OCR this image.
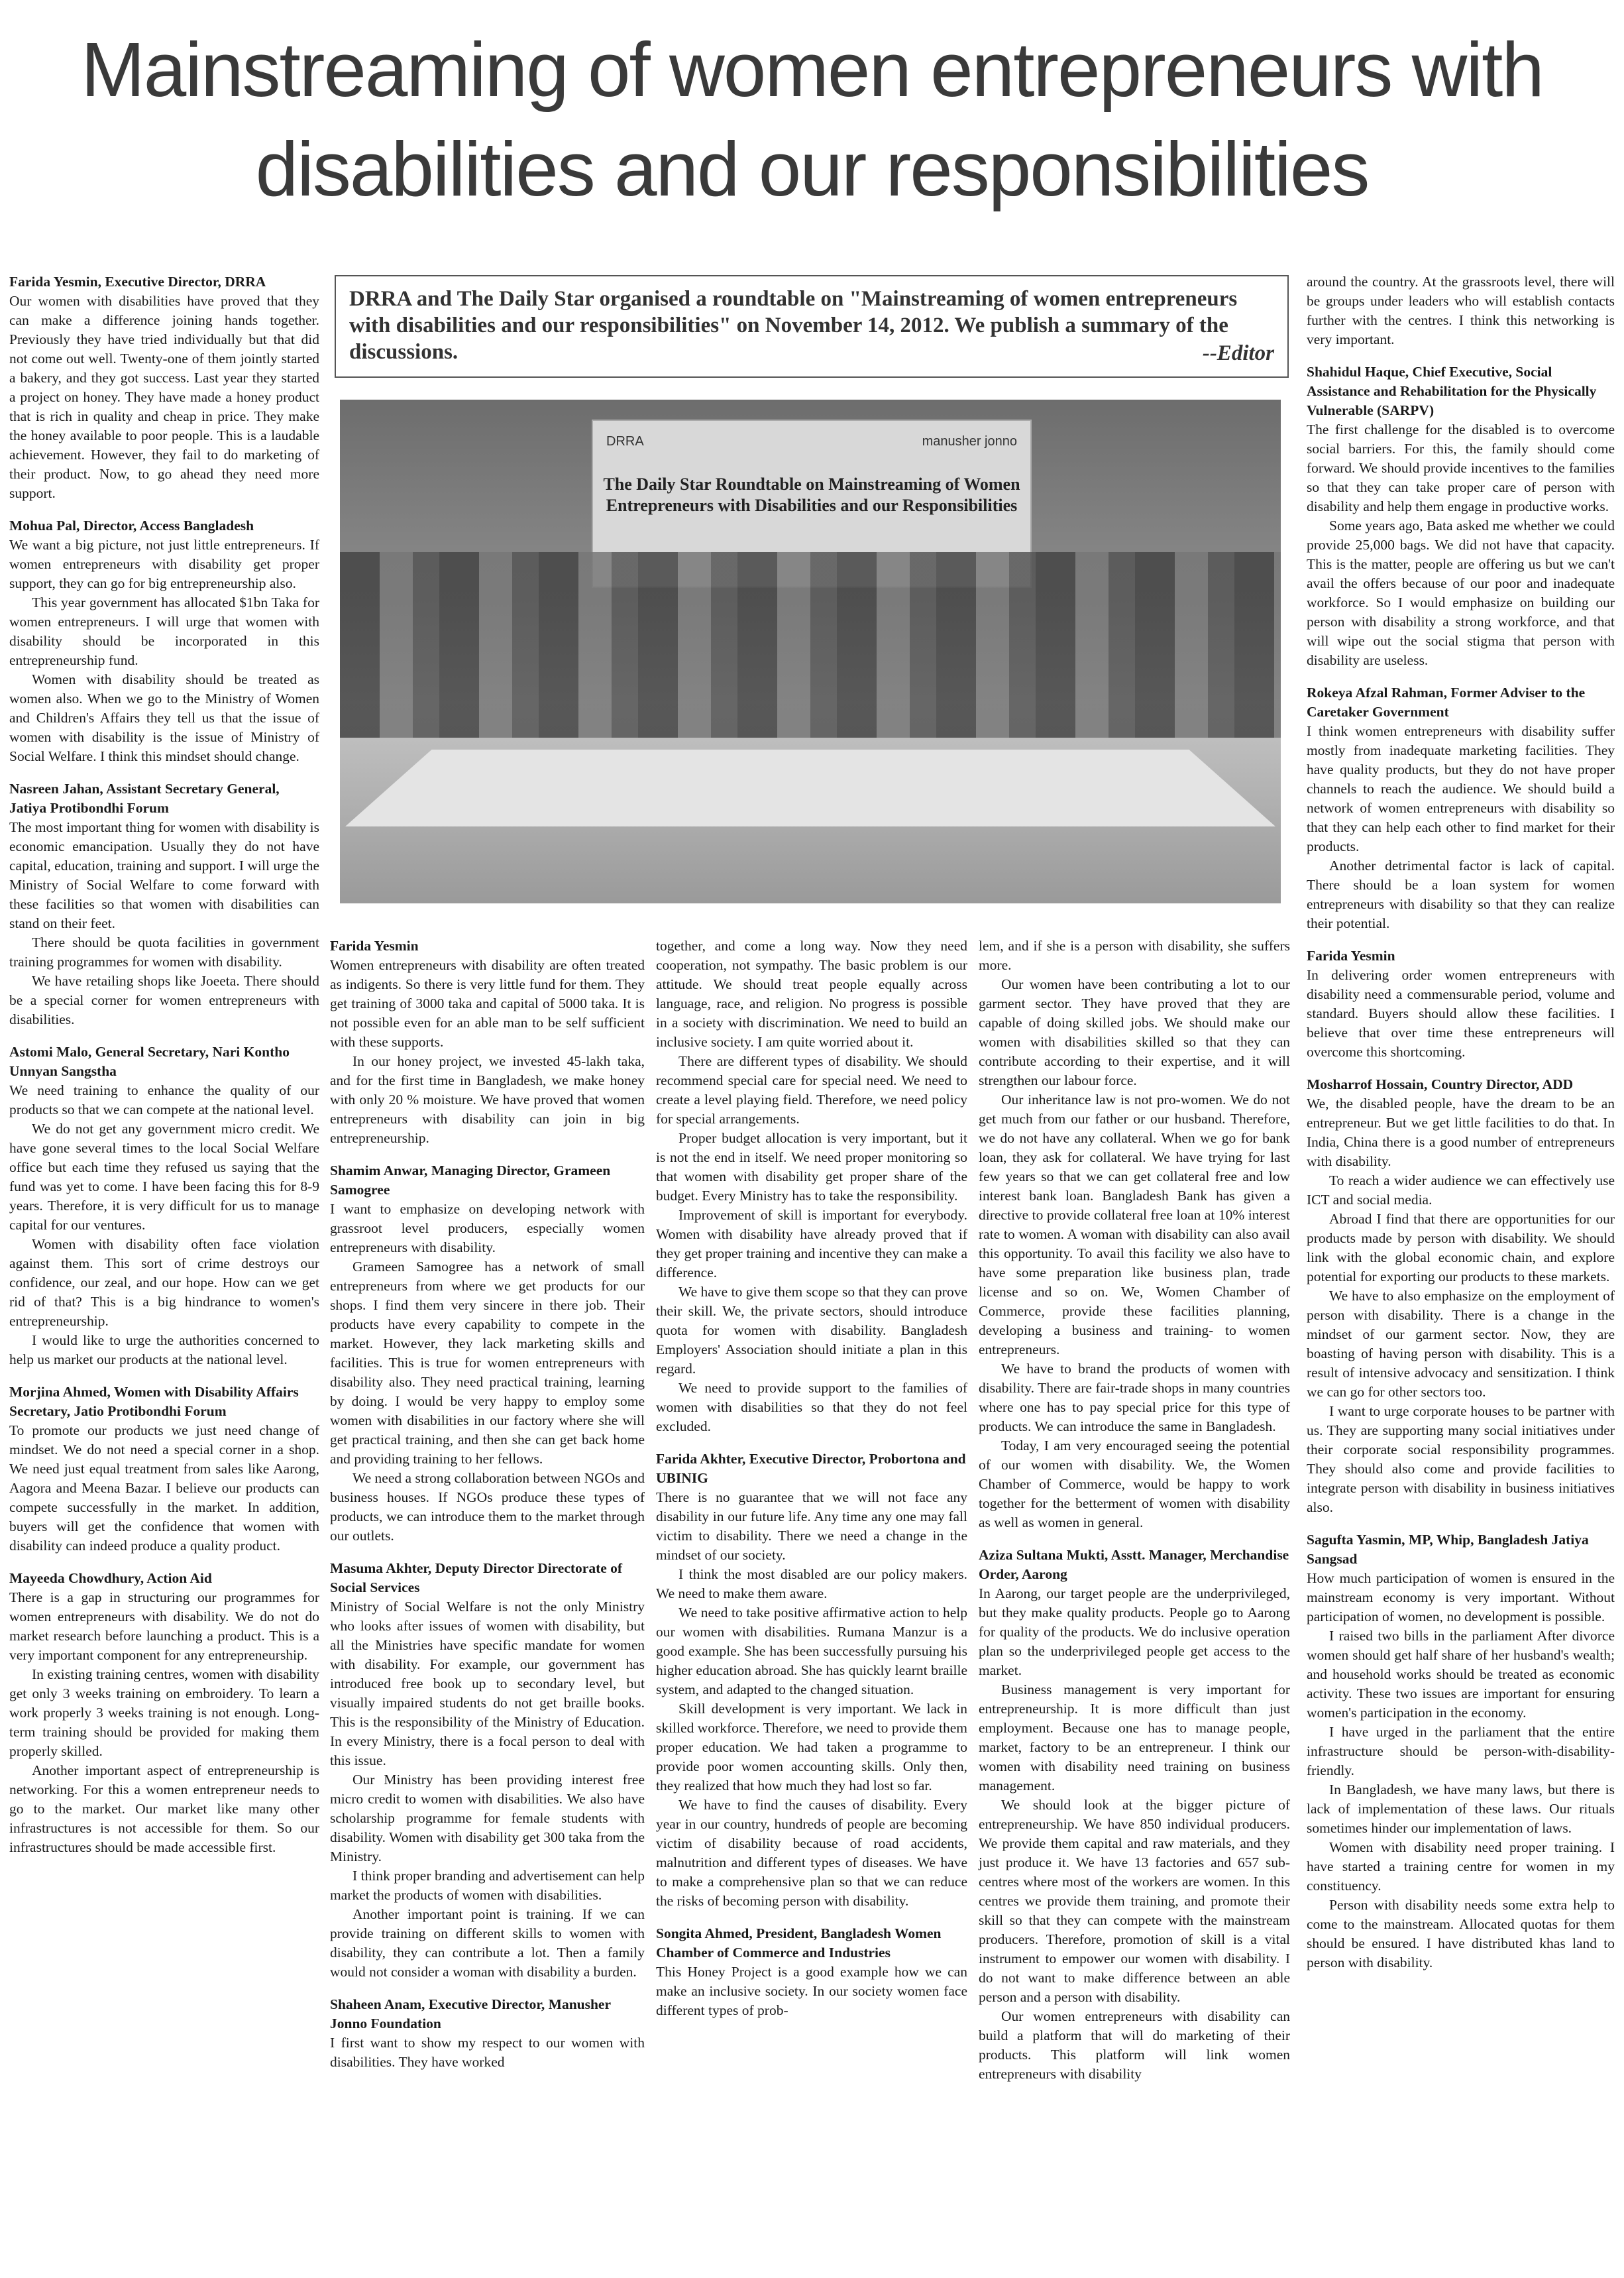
Mainstreaming of women entrepreneurs with
disabilities and our responsibilities
DRRA and The Daily Star organised a roundtable on "Mainstreaming of women entrepreneurs with disabilities and our responsibilities" on November 14, 2012. We publish a summary of the discussions.	--Editor
DRRA	manusher jonno
The Daily Star Roundtable on Mainstreaming of Women Entrepreneurs with Disabilities and our Responsibilities
Farida Yesmin, Executive Director, DRRA

Our women with disabilities have proved that they can make a difference joining hands together. Previously they have tried individually but that did not come out well. Twenty-one of them jointly started a bakery, and they got success. Last year they started a project on honey. They have made a honey product that is rich in quality and cheap in price. They make the honey available to poor people. This is a laudable achievement. However, they fail to do marketing of their product. Now, to go ahead they need more support.

Mohua Pal, Director, Access Bangladesh

We want a big picture, not just little entrepreneurs. If women entrepreneurs with disability get proper support, they can go for big entrepreneurship also.

This year government has allocated $1bn Taka for women entrepreneurs. I will urge that women with disability should be incorporated in this entrepreneurship fund.

Women with disability should be treated as women also. When we go to the Ministry of Women and Children's Affairs they tell us that the issue of women with disability is the issue of Ministry of Social Welfare. I think this mindset should change.

Nasreen Jahan, Assistant Secretary General, Jatiya Protibondhi Forum

The most important thing for women with disability is economic emancipation. Usually they do not have capital, education, training and support. I will urge the Ministry of Social Welfare to come forward with these facilities so that women with disabilities can stand on their feet.

There should be quota facilities in government training programmes for women with disability.

We have retailing shops like Joeeta. There should be a special corner for women entrepreneurs with disabilities.

Astomi Malo, General Secretary, Nari Kontho Unnyan Sangstha

We need training to enhance the quality of our products so that we can compete at the national level.

We do not get any government micro credit. We have gone several times to the local Social Welfare office but each time they refused us saying that the fund was yet to come. I have been facing this for 8-9 years. Therefore, it is very difficult for us to manage capital for our ventures.

Women with disability often face violation against them. This sort of crime destroys our confidence, our zeal, and our hope. How can we get rid of that? This is a big hindrance to women's entrepreneurship.

I would like to urge the authorities concerned to help us market our products at the national level.

Morjina Ahmed, Women with Disability Affairs Secretary, Jatio Protibondhi Forum

To promote our products we just need change of mindset. We do not need a special corner in a shop. We need just equal treatment from sales like Aarong, Aagora and Meena Bazar. I believe our products can compete successfully in the market. In addition, buyers will get the confidence that women with disability can indeed produce a quality product.

Mayeeda Chowdhury, Action Aid

There is a gap in structuring our programmes for women entrepreneurs with disability. We do not do market research before launching a product. This is a very important component for any entrepreneurship.

In existing training centres, women with disability get only 3 weeks training on embroidery. To learn a work properly 3 weeks training is not enough. Long-term training should be provided for making them properly skilled.

Another important aspect of entrepreneurship is networking. For this a women entrepreneur needs to go to the market. Our market like many other infrastructures is not accessible for them. So our infrastructures should be made accessible first.

Farida Yesmin

Women entrepreneurs with disability are often treated as indigents. So there is very little fund for them. They get training of 3000 taka and capital of 5000 taka. It is not possible even for an able man to be self sufficient with these supports.

In our honey project, we invested 45-lakh taka, and for the first time in Bangladesh, we make honey with only 20 % moisture. We have proved that women entrepreneurs with disability can join in big entrepreneurship.

Shamim Anwar, Managing Director, Grameen Samogree

I want to emphasize on developing network with grassroot level producers, especially women entrepreneurs with disability.

Grameen Samogree has a network of small entrepreneurs from where we get products for our shops. I find them very sincere in there job. Their products have every capability to compete in the market. However, they lack marketing skills and facilities. This is true for women entrepreneurs with disability also. They need practical training, learning by doing. I would be very happy to employ some women with disabilities in our factory where she will get practical training, and then she can get back home and providing training to her fellows.

We need a strong collaboration between NGOs and business houses. If NGOs produce these types of products, we can introduce them to the market through our outlets.

Masuma Akhter, Deputy Director Directorate of Social Services

Ministry of Social Welfare is not the only Ministry who looks after issues of women with disability, but all the Ministries have specific mandate for women with disability. For example, our government has introduced free book up to secondary level, but visually impaired students do not get braille books. This is the responsibility of the Ministry of Education. In every Ministry, there is a focal person to deal with this issue.

Our Ministry has been providing interest free micro credit to women with disabilities. We also have scholarship programme for female students with disability. Women with disability get 300 taka from the Ministry.

I think proper branding and advertisement can help market the products of women with disabilities.

Another important point is training. If we can provide training on different skills to women with disability, they can contribute a lot. Then a family would not consider a woman with disability a burden.

Shaheen Anam, Executive Director, Manusher Jonno Foundation

I first want to show my respect to our women with disabilities. They have worked

together, and come a long way. Now they need cooperation, not sympathy. The basic problem is our attitude. We should treat people equally across language, race, and religion. No progress is possible in a society with discrimination. We need to build an inclusive society. I am quite worried about it.

There are different types of disability. We should recommend special care for special need. We need to create a level playing field. Therefore, we need policy for special arrangements.

Proper budget allocation is very important, but it is not the end in itself. We need proper monitoring so that women with disability get proper share of the budget. Every Ministry has to take the responsibility.

Improvement of skill is important for everybody. Women with disability have already proved that if they get proper training and incentive they can make a difference.

We have to give them scope so that they can prove their skill. We, the private sectors, should introduce quota for women with disability. Bangladesh Employers' Association should initiate a plan in this regard.

We need to provide support to the families of women with disabilities so that they do not feel excluded.

Farida Akhter, Executive Director, Probortona and UBINIG

There is no guarantee that we will not face any disability in our future life. Any time any one may fall victim to disability. There we need a change in the mindset of our society.

I think the most disabled are our policy makers. We need to make them aware.

We need to take positive affirmative action to help our women with disabilities. Rumana Manzur is a good example. She has been successfully pursuing his higher education abroad. She has quickly learnt braille system, and adapted to the changed situation.

Skill development is very important. We lack in skilled workforce. Therefore, we need to provide them proper education. We had taken a programme to provide poor women accounting skills. Only then, they realized that how much they had lost so far.

We have to find the causes of disability. Every year in our country, hundreds of people are becoming victim of disability because of road accidents, malnutrition and different types of diseases. We have to make a comprehensive plan so that we can reduce the risks of becoming person with disability.

Songita Ahmed, President, Bangladesh Women Chamber of Commerce and Industries

This Honey Project is a good example how we can make an inclusive society. In our society women face different types of prob-

lem, and if she is a person with disability, she suffers more.

Our women have been contributing a lot to our garment sector. They have proved that they are capable of doing skilled jobs. We should make our women with disabilities skilled so that they can contribute according to their expertise, and it will strengthen our labour force.

Our inheritance law is not pro-women. We do not get much from our father or our husband. Therefore, we do not have any collateral. When we go for bank loan, they ask for collateral. We have trying for last few years so that we can get collateral free and low interest bank loan. Bangladesh Bank has given a directive to provide collateral free loan at 10% interest rate to women. A woman with disability can also avail this opportunity. To avail this facility we also have to have some preparation like business plan, trade license and so on. We, Women Chamber of Commerce, provide these facilities planning, developing a business and training- to women entrepreneurs.

We have to brand the products of women with disability. There are fair-trade shops in many countries where one has to pay special price for this type of products. We can introduce the same in Bangladesh.

Today, I am very encouraged seeing the potential of our women with disability. We, the Women Chamber of Commerce, would be happy to work together for the betterment of women with disability as well as women in general.

Aziza Sultana Mukti, Asstt. Manager, Merchandise Order, Aarong

In Aarong, our target people are the underprivileged, but they make quality products. People go to Aarong for quality of the products. We do inclusive operation plan so the underprivileged people get access to the market.

Business management is very important for entrepreneurship. It is more difficult than just employment. Because one has to manage people, market, factory to be an entrepreneur. I think our women with disability need training on business management.

We should look at the bigger picture of entrepreneurship. We have 850 individual producers. We provide them capital and raw materials, and they just produce it. We have 13 factories and 657 sub-centres where most of the workers are women. In this centres we provide them training, and promote their skill so that they can compete with the mainstream producers. Therefore, promotion of skill is a vital instrument to empower our women with disability. I do not want to make difference between an able person and a person with disability.

Our women entrepreneurs with disability can build a platform that will do marketing of their products. This platform will link women entrepreneurs with disability

around the country. At the grassroots level, there will be groups under leaders who will establish contacts further with the centres. I think this networking is very important.

Shahidul Haque, Chief Executive, Social Assistance and Rehabilitation for the Physically Vulnerable (SARPV)

The first challenge for the disabled is to overcome social barriers. For this, the family should come forward. We should provide incentives to the families so that they can take proper care of person with disability and help them engage in productive works.

Some years ago, Bata asked me whether we could provide 25,000 bags. We did not have that capacity. This is the matter, people are offering us but we can't avail the offers because of our poor and inadequate workforce. So I would emphasize on building our person with disability a strong workforce, and that will wipe out the social stigma that person with disability are useless.

Rokeya Afzal Rahman, Former Adviser to the Caretaker Government

I think women entrepreneurs with disability suffer mostly from inadequate marketing facilities. They have quality products, but they do not have proper channels to reach the audience. We should build a network of women entrepreneurs with disability so that they can help each other to find market for their products.

Another detrimental factor is lack of capital. There should be a loan system for women entrepreneurs with disability so that they can realize their potential.

Farida Yesmin

In delivering order women entrepreneurs with disability need a commensurable period, volume and standard. Buyers should allow these facilities. I believe that over time these entrepreneurs will overcome this shortcoming.

Mosharrof Hossain, Country Director, ADD

We, the disabled people, have the dream to be an entrepreneur. But we get little facilities to do that. In India, China there is a good number of entrepreneurs with disability.

To reach a wider audience we can effectively use ICT and social media.

Abroad I find that there are opportunities for our products made by person with disability. We should link with the global economic chain, and explore potential for exporting our products to these markets.

We have to also emphasize on the employment of person with disability. There is a change in the mindset of our garment sector. Now, they are boasting of having person with disability. This is a result of intensive advocacy and sensitization. I think we can go for other sectors too.

I want to urge corporate houses to be partner with us. They are supporting many social initiatives under their corporate social responsibility programmes. They should also come and provide facilities to integrate person with disability in business initiatives also.

Sagufta Yasmin, MP, Whip, Bangladesh Jatiya Sangsad

How much participation of women is ensured in the mainstream economy is very important. Without participation of women, no development is possible.

I raised two bills in the parliament After divorce women should get half share of her husband's wealth; and household works should be treated as economic activity. These two issues are important for ensuring women's participation in the economy.

I have urged in the parliament that the entire infrastructure should be person-with-disability- friendly.

In Bangladesh, we have many laws, but there is lack of implementation of these laws. Our rituals sometimes hinder our implementation of laws.

Women with disability need proper training. I have started a training centre for women in my constituency.

Person with disability needs some extra help to come to the mainstream. Allocated quotas for them should be ensured. I have distributed khas land to person with disability.
